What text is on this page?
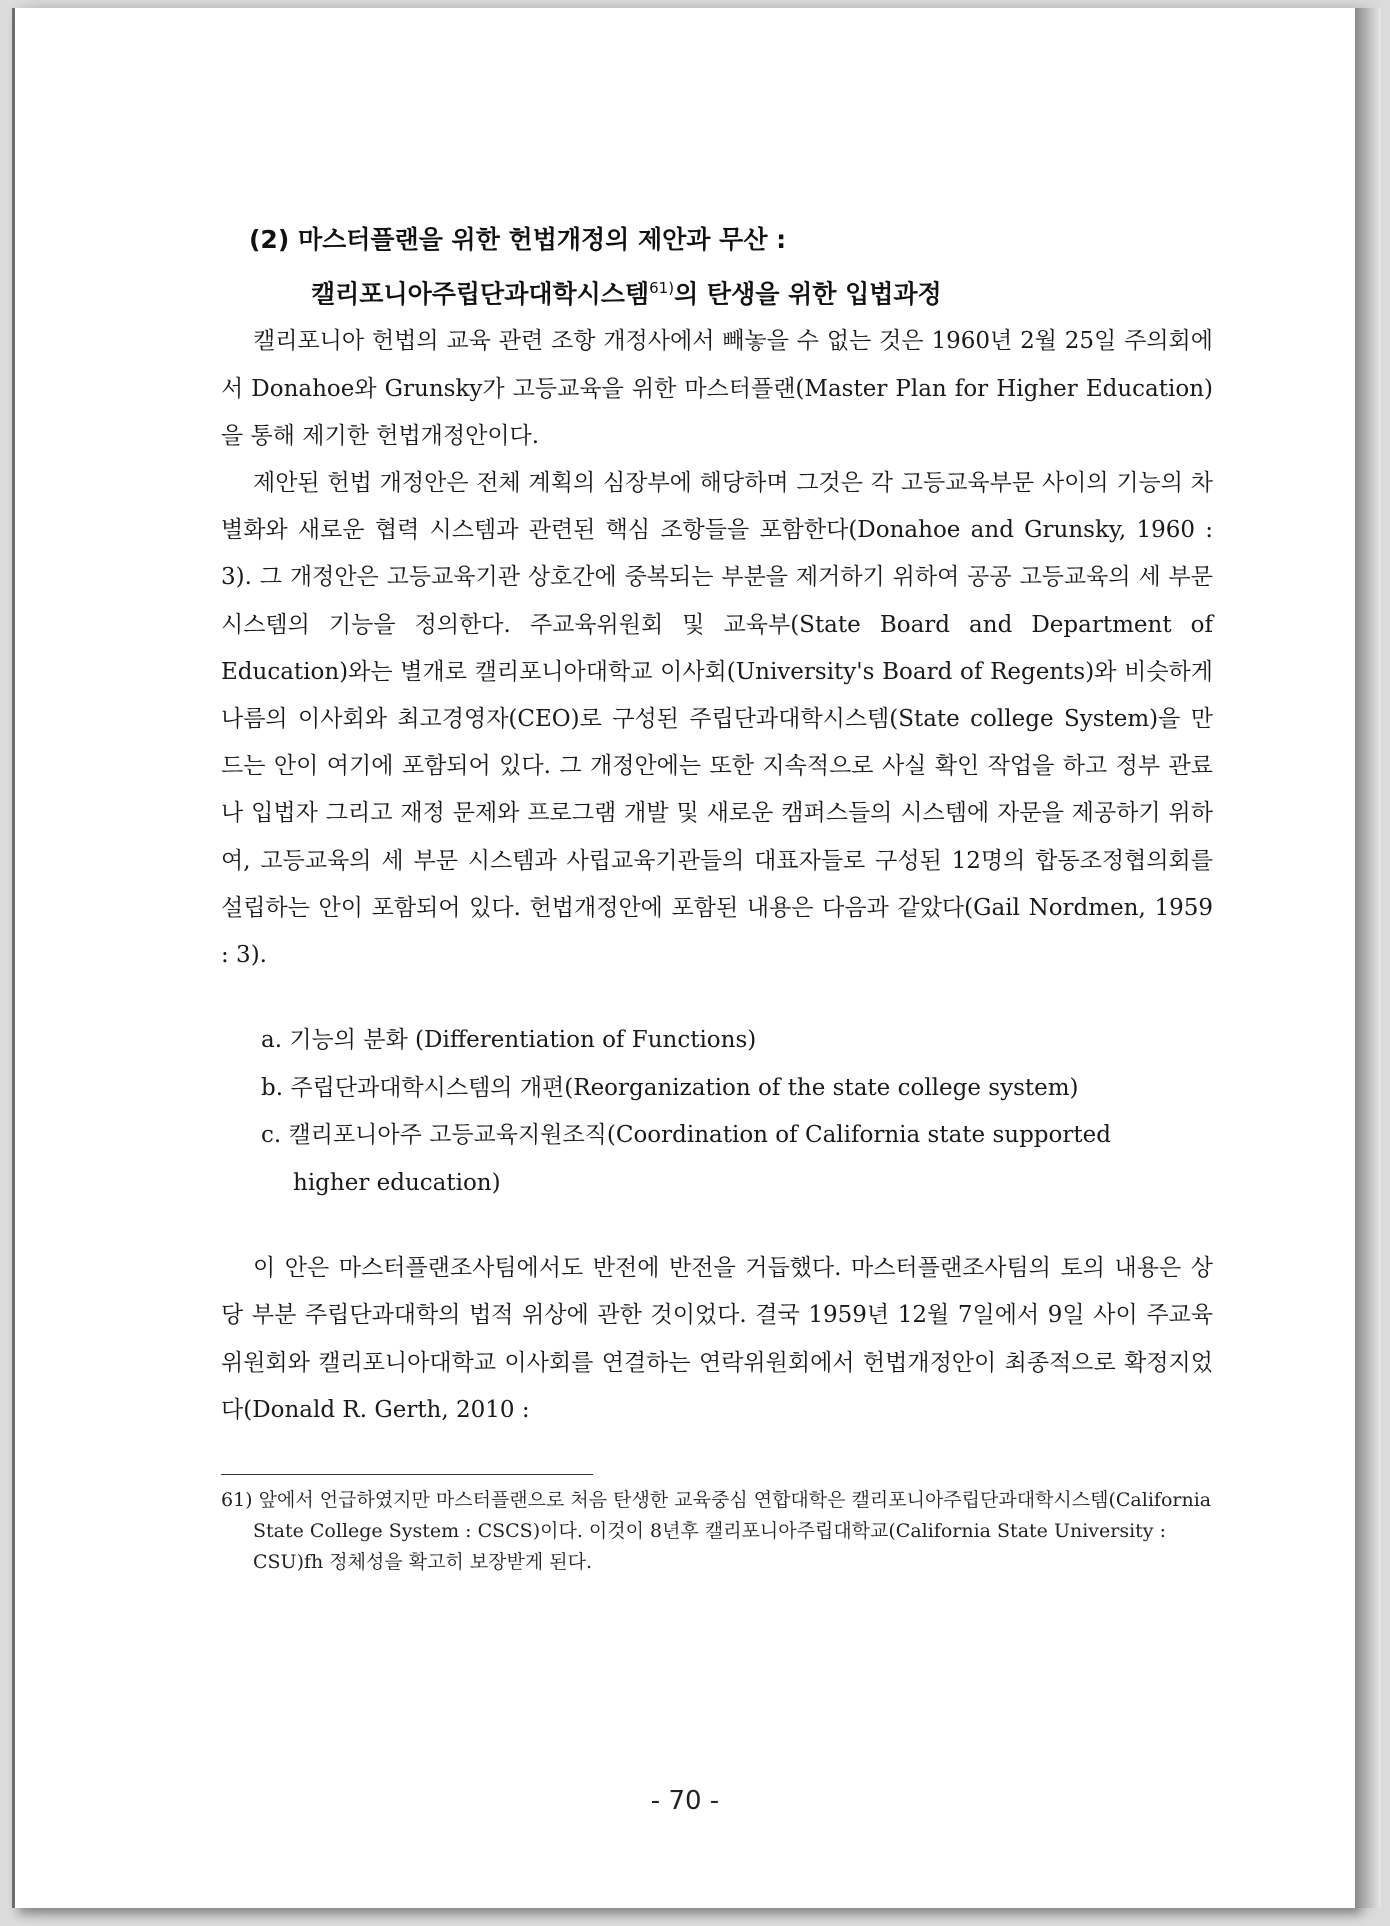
(2) 마스터플랜을 위한 헌법개정의 제안과 무산 :
캘리포니아주립단과대학시스템$^{61)}$의 탄생을 위한 입법과정

캘리포니아 헌법의 교육 관련 조항 개정사에서 빼놓을 수 없는 것은 1960년 2월 25일 주의회에서 Donahoe와 Grunsky가 고등교육을 위한 마스터플랜(Master Plan for Higher Education)을 통해 제기한 헌법개정안이다.

제안된 헌법 개정안은 전체 계획의 심장부에 해당하며 그것은 각 고등교육부문 사이의 기능의 차별화와 새로운 협력 시스템과 관련된 핵심 조항들을 포함한다(Donahoe and Grunsky, 1960 : 3). 그 개정안은 고등교육기관 상호간에 중복되는 부분을 제거하기 위하여 공공 고등교육의 세 부문 시스템의 기능을 정의한다. 주교육위원회 및 교육부(State Board and Department of Education)와는 별개로 캘리포니아대학교 이사회(University's Board of Regents)와 비슷하게 나름의 이사회와 최고경영자(CEO)로 구성된 주립단과대학시스템(State college System)을 만드는 안이 여기에 포함되어 있다. 그 개정안에는 또한 지속적으로 사실 확인 작업을 하고 정부 관료나 입법자 그리고 재정 문제와 프로그램 개발 및 새로운 캠퍼스들의 시스템에 자문을 제공하기 위하여, 고등교육의 세 부문 시스템과 사립교육기관들의 대표자들로 구성된 12명의 합동조정협의회를 설립하는 안이 포함되어 있다. 헌법개정안에 포함된 내용은 다음과 같았다(Gail Nordmen, 1959 : 3).

a. 기능의 분화 (Differentiation of Functions)
b. 주립단과대학시스템의 개편(Reorganization of the state college system)
c. 캘리포니아주 고등교육지원조직(Coordination of California state supported
higher education)

이 안은 마스터플랜조사팀에서도 반전에 반전을 거듭했다. 마스터플랜조사팀의 토의 내용은 상당 부분 주립단과대학의 법적 위상에 관한 것이었다. 결국 1959년 12월 7일에서 9일 사이 주교육위원회와 캘리포니아대학교 이사회를 연결하는 연락위원회에서 헌법개정안이 최종적으로 확정지었다(Donald R. Gerth, 2010 :

61) 앞에서 언급하였지만 마스터플랜으로 처음 탄생한 교육중심 연합대학은 캘리포니아주립단과대학시스템(California State College System : CSCS)이다. 이것이 8년후 캘리포니아주립대학교(California State University : CSU)fh 정체성을 확고히 보장받게 된다.
- 70 -
